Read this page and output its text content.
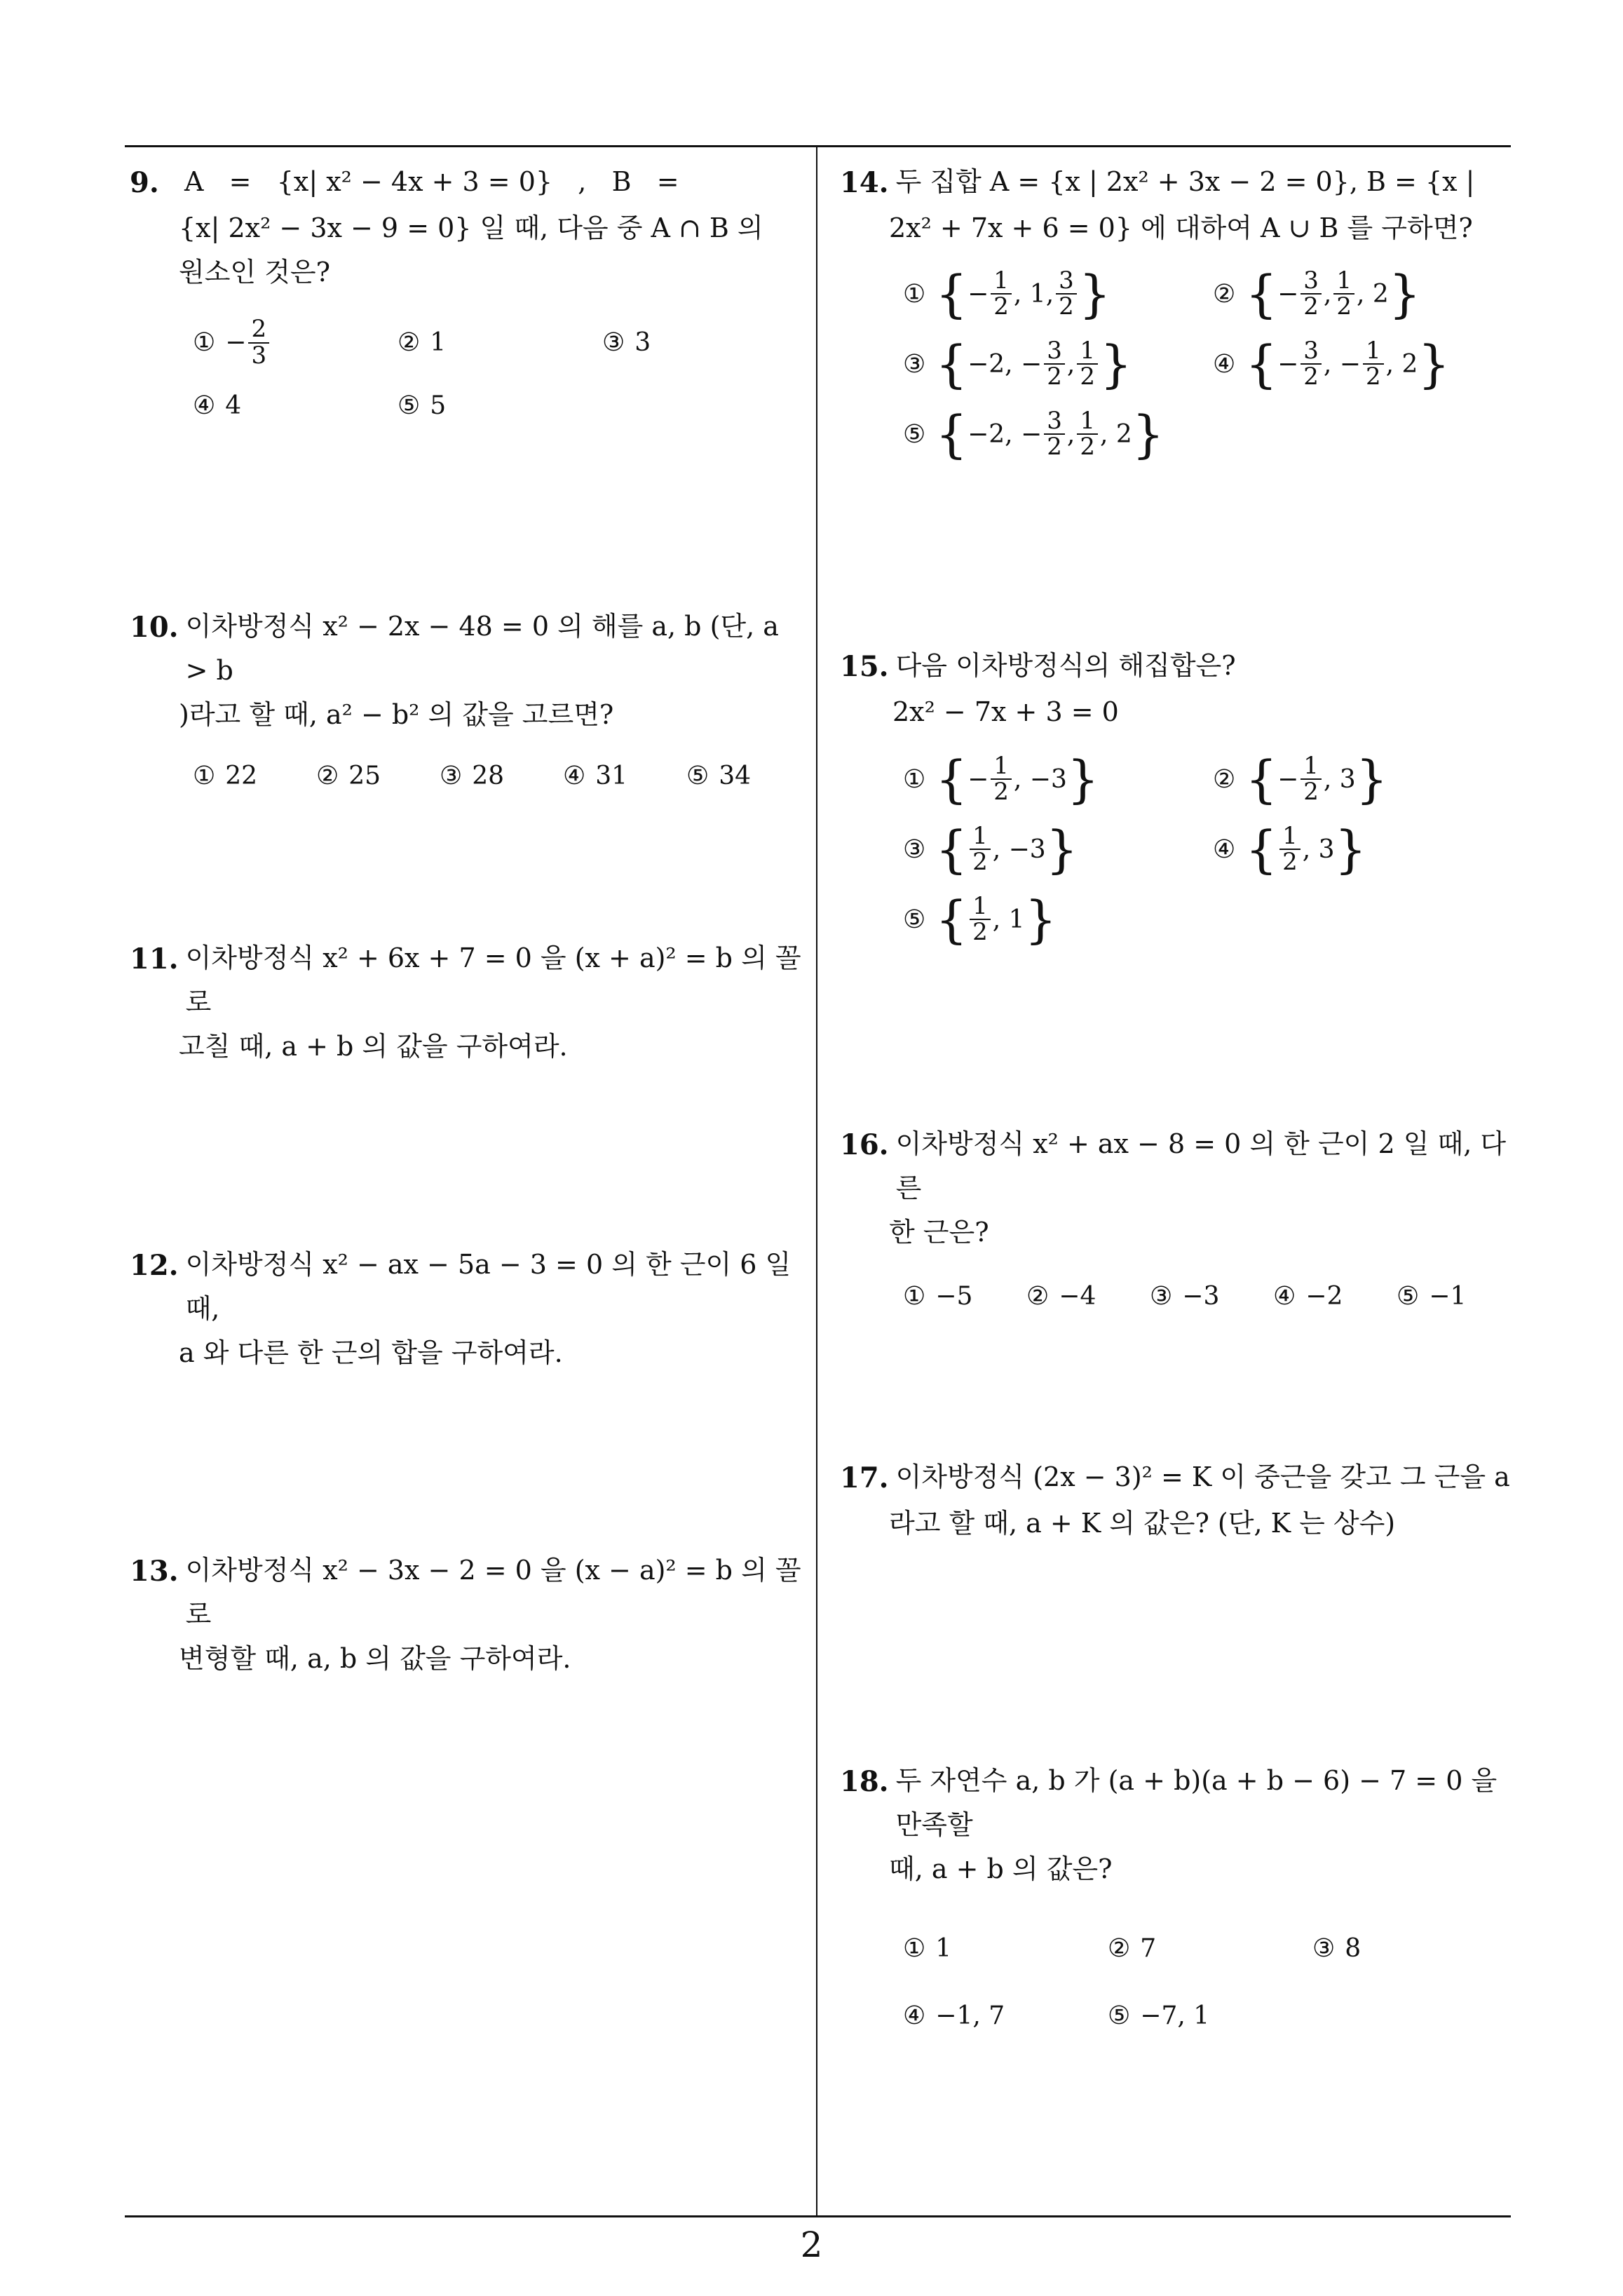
9. A   =   {x| x² − 4x + 3 = 0}   ,   B   =
{x| 2x² − 3x − 9 = 0} 일 때, 다음 중 A ∩ B 의
원소인 것은?
① − $\frac{2}{3}$	② 1	③ 3
④ 4	⑤ 5
10. 이차방정식 x² − 2x − 48 = 0 의 해를 a, b (단, a > b
)라고 할 때, a² − b² 의 값을 고르면?
① 22 ② 25 ③ 28 ④ 31 ⑤ 34
11. 이차방정식 x² + 6x + 7 = 0 을 (x + a)² = b 의 꼴로
고칠 때, a + b 의 값을 구하여라.
12. 이차방정식 x² − ax − 5a − 3 = 0 의 한 근이 6 일 때,
a 와 다른 한 근의 합을 구하여라.
13. 이차방정식 x² − 3x − 2 = 0 을 (x − a)² = b 의 꼴로
변형할 때, a, b 의 값을 구하여라.
14. 두 집합 A = {x | 2x² + 3x − 2 = 0}, B = {x |
2x² + 7x + 6 = 0} 에 대하여 A ∪ B 를 구하면?
① { − $\frac{1}{2}$ , 1, $\frac{3}{2}$ }	② { − $\frac{3}{2}$ , $\frac{1}{2}$ , 2 }
③ { −2, − $\frac{3}{2}$ , $\frac{1}{2}$ }	④ { − $\frac{3}{2}$ , − $\frac{1}{2}$ , 2 }
⑤ { −2, − $\frac{3}{2}$ , $\frac{1}{2}$ , 2 }
15. 다음 이차방정식의 해집합은?
2x² − 7x + 3 = 0
① { − $\frac{1}{2}$ , −3 }	② { − $\frac{1}{2}$ , 3 }
③ { $\frac{1}{2}$ , −3 }	④ { $\frac{1}{2}$ , 3 }
⑤ { $\frac{1}{2}$ , 1 }
16. 이차방정식 x² + ax − 8 = 0 의 한 근이 2 일 때, 다른
한 근은?
① −5 ② −4 ③ −3 ④ −2 ⑤ −1
17. 이차방정식 (2x − 3)² = K 이 중근을 갖고 그 근을 a
라고 할 때, a + K 의 값은? (단, K 는 상수)
18. 두 자연수 a, b 가 (a + b)(a + b − 6) − 7 = 0 을 만족할
때, a + b 의 값은?
① 1	② 7	③ 8
④ −1, 7	⑤ −7, 1
2
